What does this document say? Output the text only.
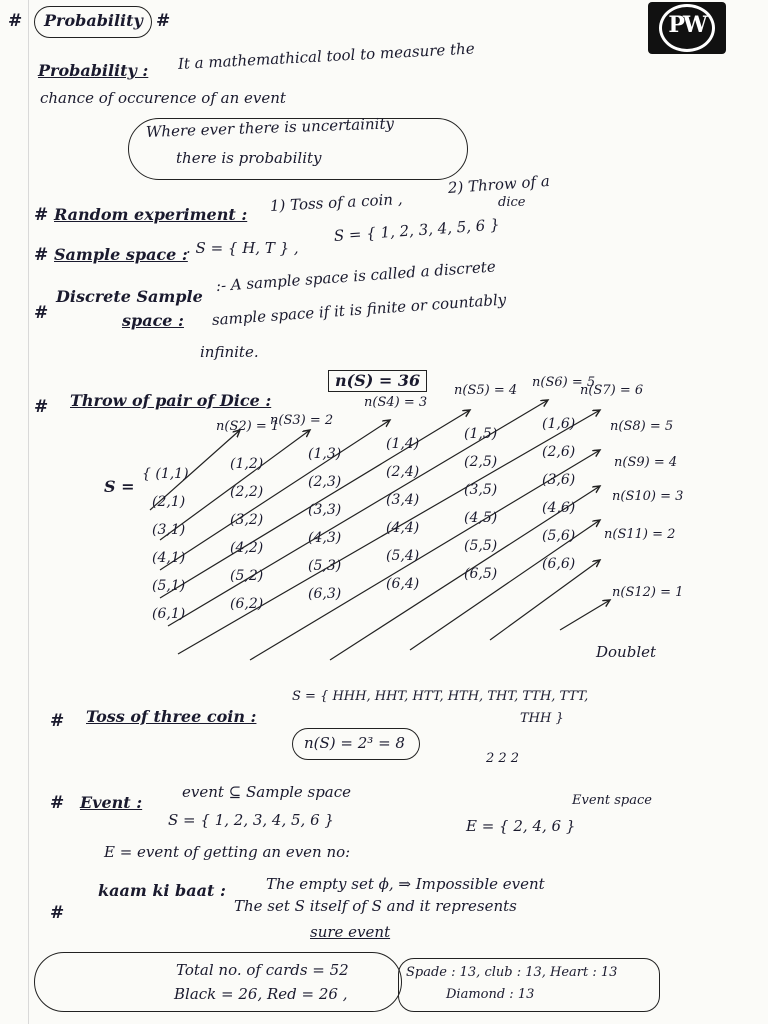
PW
# Probability #
Probability : It a mathemathical tool to measure the
chance of occurence of an event
Where ever there is uncertainity
there is probability
# Random experiment : 1) Toss of a coin ,
2) Throw of a
dice
# Sample space :
. S = { H, T } ,
S = { 1, 2, 3, 4, 5, 6 }
#
Discrete Sample
space :
:- A sample space is called a discrete
sample space if it is finite or countably
infinite.
# Throw of pair of Dice :
n(S) = 36
S =
{ (1,1)
(1,2)
(1,3)
(1,4)
(1,5)
(1,6)
(2,1)
(2,2)
(2,3)
(2,4)
(2,5)
(2,6)
(3,1)
(3,2)
(3,3)
(3,4)
(3,5)
(3,6)
(4,1)
(4,2)
(4,3)
(4,4)
(4,5)
(4,6)
(5,1)
(5,2)
(5,3)
(5,4)
(5,5)
(5,6)
(6,1)
(6,2)
(6,3)
(6,4)
(6,5)
(6,6)
n(S2) = 1
n(S3) = 2
n(S4) = 3
n(S5) = 4
n(S6) = 5
n(S7) = 6
n(S8) = 5
n(S9) = 4
n(S10) = 3
n(S11) = 2
n(S12) = 1
Doublet
# Toss of three coin :
S = { HHH, HHT, HTT, HTH, THT, TTH, TTT,
THH }
n(S) = 2³ = 8
2 2 2
# Event :
event ⊆ Sample space
S = { 1, 2, 3, 4, 5, 6 }
E = event of getting an even no:
E = { 2, 4, 6 }
Event space
#
kaam ki baat :	The empty set ϕ, ⇒ Impossible event
The set S itself of S and it represents
sure event
Total no. of cards = 52
Black = 26, Red = 26 ,
Spade : 13, club : 13, Heart : 13
Diamond : 13
